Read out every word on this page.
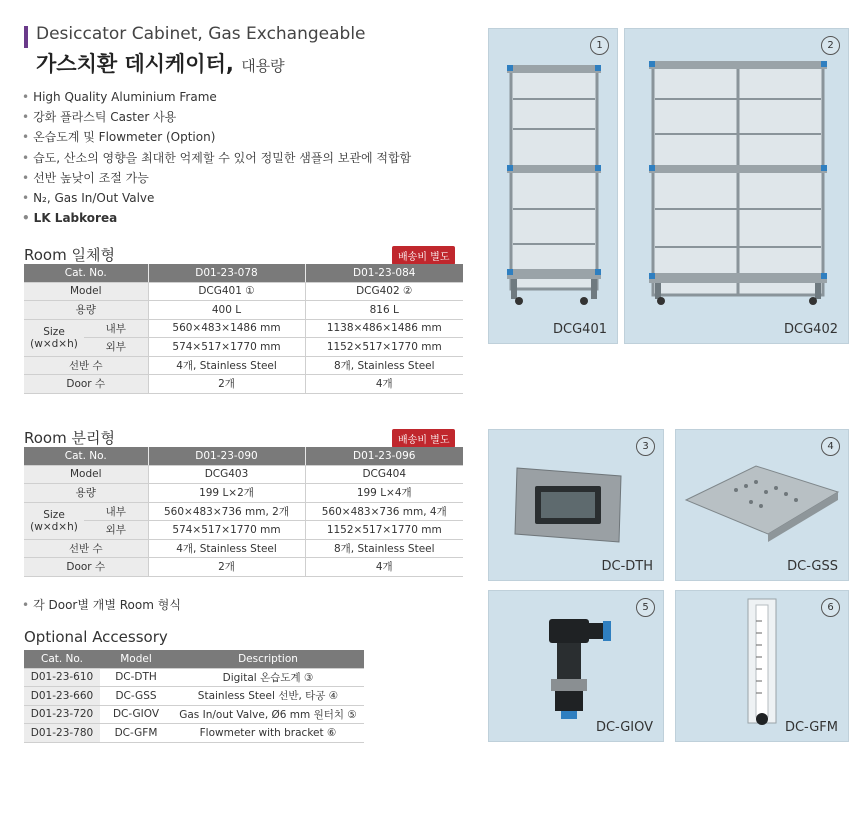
Desiccator Cabinet, Gas Exchangeable
가스치환 데시케이터, 대용량
• High Quality Aluminium Frame
• 강화 플라스틱 Caster 사용
• 온습도계 및 Flowmeter (Option)
• 습도, 산소의 영향을 최대한 억제할 수 있어 정밀한 샘플의 보관에 적합함
• 선반 높낮이 조절 가능
• N₂, Gas In/Out Valve
• LK Labkorea
Room 일체형	배송비 별도
Cat. No.		D01-23-078	D01-23-084
Model		DCG401 ①	DCG402 ②
용량		400 L	816 L

Size
(w×d×h)	내부	560×483×1486 mm	1138×486×1486 mm
	외부	574×517×1770 mm	1152×517×1770 mm
선반 수		4개, Stainless Steel	8개, Stainless Steel
Door 수		2개	4개
Room 분리형	배송비 별도
Cat. No.		D01-23-090	D01-23-096
Model		DCG403	DCG404
용량		199 L×2개	199 L×4개

Size
(w×d×h)	내부	560×483×736 mm, 2개	560×483×736 mm, 4개
	외부	574×517×1770 mm	1152×517×1770 mm
선반 수		4개, Stainless Steel	8개, Stainless Steel
Door 수		2개	4개
• 각 Door별 개별 Room 형식
Optional Accessory
Cat. No.	Model	Description
D01-23-610	DC-DTH	Digital 온습도계 ③
D01-23-660	DC-GSS	Stainless Steel 선반, 타공 ④
D01-23-720	DC-GIOV	Gas In/out Valve, Ø6 mm 원터치 ⑤
D01-23-780	DC-GFM	Flowmeter with bracket ⑥
1
DCG401
2
DCG402
3
DC-DTH
4
DC-GSS
5
DC-GIOV
6
DC-GFM
